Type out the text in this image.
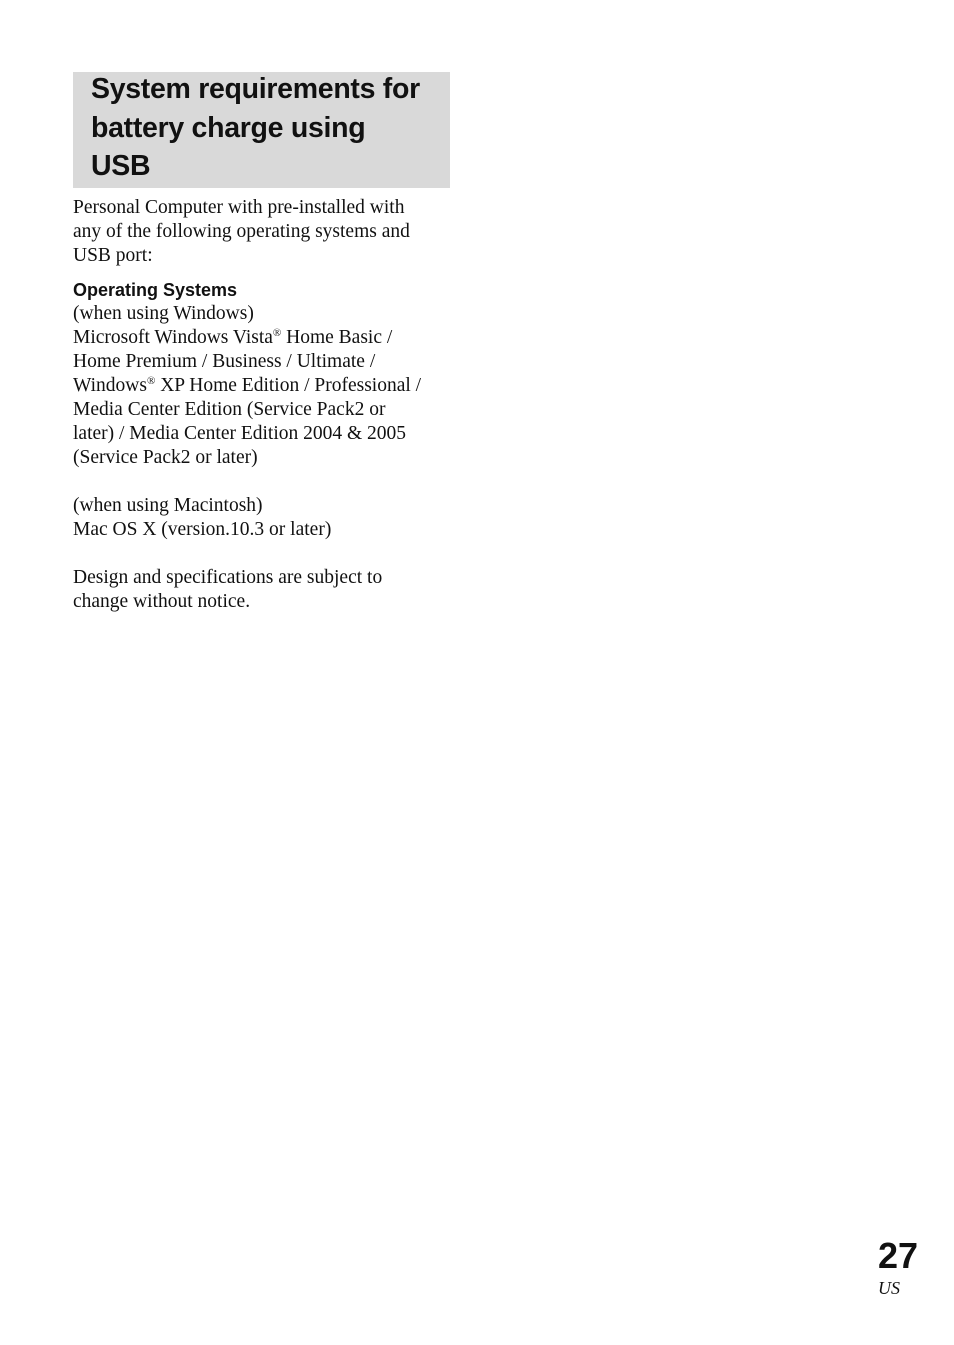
System requirements for
battery charge using
USB
Personal Computer with pre-installed with
any of the following operating systems and
USB port:
Operating Systems
(when using Windows)
Microsoft Windows Vista® Home Basic /
Home Premium / Business / Ultimate /
Windows® XP Home Edition / Professional /
Media Center Edition (Service Pack2 or
later) / Media Center Edition 2004 & 2005
(Service Pack2 or later)
(when using Macintosh)
Mac OS X (version.10.3 or later)
Design and specifications are subject to
change without notice.
27
US
